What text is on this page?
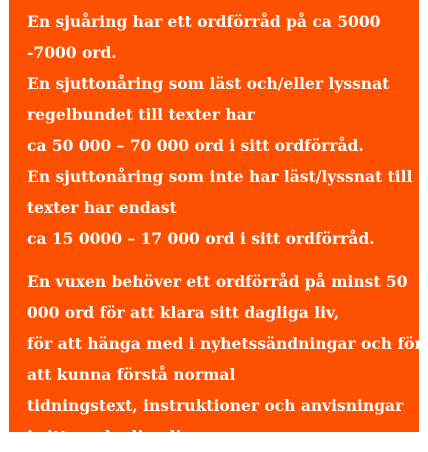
En sjuåring har ett ordförråd på ca 5000
-7000 ord.
En sjuttonåring som läst och/eller lyssnat
regelbundet till texter har
ca 50 000 – 70 000 ord i sitt ordförråd.
En sjuttonåring som inte har läst/lyssnat till
texter har endast
ca 15 0000 – 17 000 ord i sitt ordförråd.

En vuxen behöver ett ordförråd på minst 50
000 ord för att klara sitt dagliga liv,
för att hänga med i nyhetssändningar och för
att kunna förstå normal
tidningstext, instruktioner och anvisningar
i sitt vardagliga liv.
